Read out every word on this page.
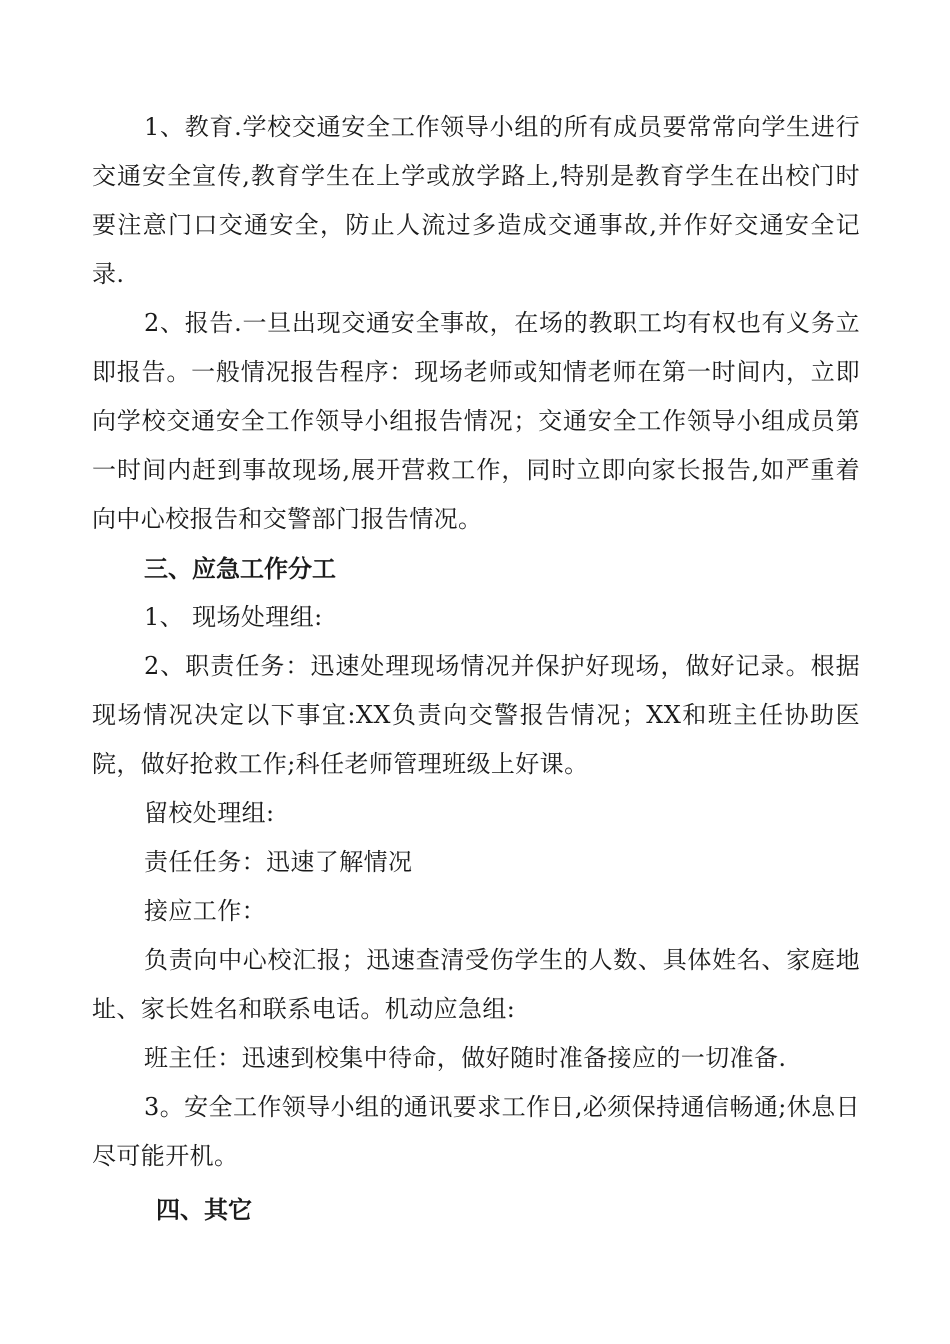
1、教育.学校交通安全工作领导小组的所有成员要常常向学生进行交通安全宣传,教育学生在上学或放学路上,特别是教育学生在出校门时要注意门口交通安全，防止人流过多造成交通事故,并作好交通安全记录.

2、报告.一旦出现交通安全事故，在场的教职工均有权也有义务立即报告。一般情况报告程序：现场老师或知情老师在第一时间内，立即向学校交通安全工作领导小组报告情况；交通安全工作领导小组成员第一时间内赶到事故现场,展开营救工作，同时立即向家长报告,如严重着向中心校报告和交警部门报告情况。

三、应急工作分工

1、 现场处理组:

2、职责任务：迅速处理现场情况并保护好现场，做好记录。根据现场情况决定以下事宜:XX负责向交警报告情况；XX和班主任协助医院，做好抢救工作;科任老师管理班级上好课。

留校处理组:

责任任务：迅速了解情况

接应工作：

负责向中心校汇报；迅速查清受伤学生的人数、具体姓名、家庭地址、家长姓名和联系电话。机动应急组:

班主任：迅速到校集中待命，做好随时准备接应的一切准备.

3。安全工作领导小组的通讯要求工作日,必须保持通信畅通;休息日尽可能开机。

四、其它
